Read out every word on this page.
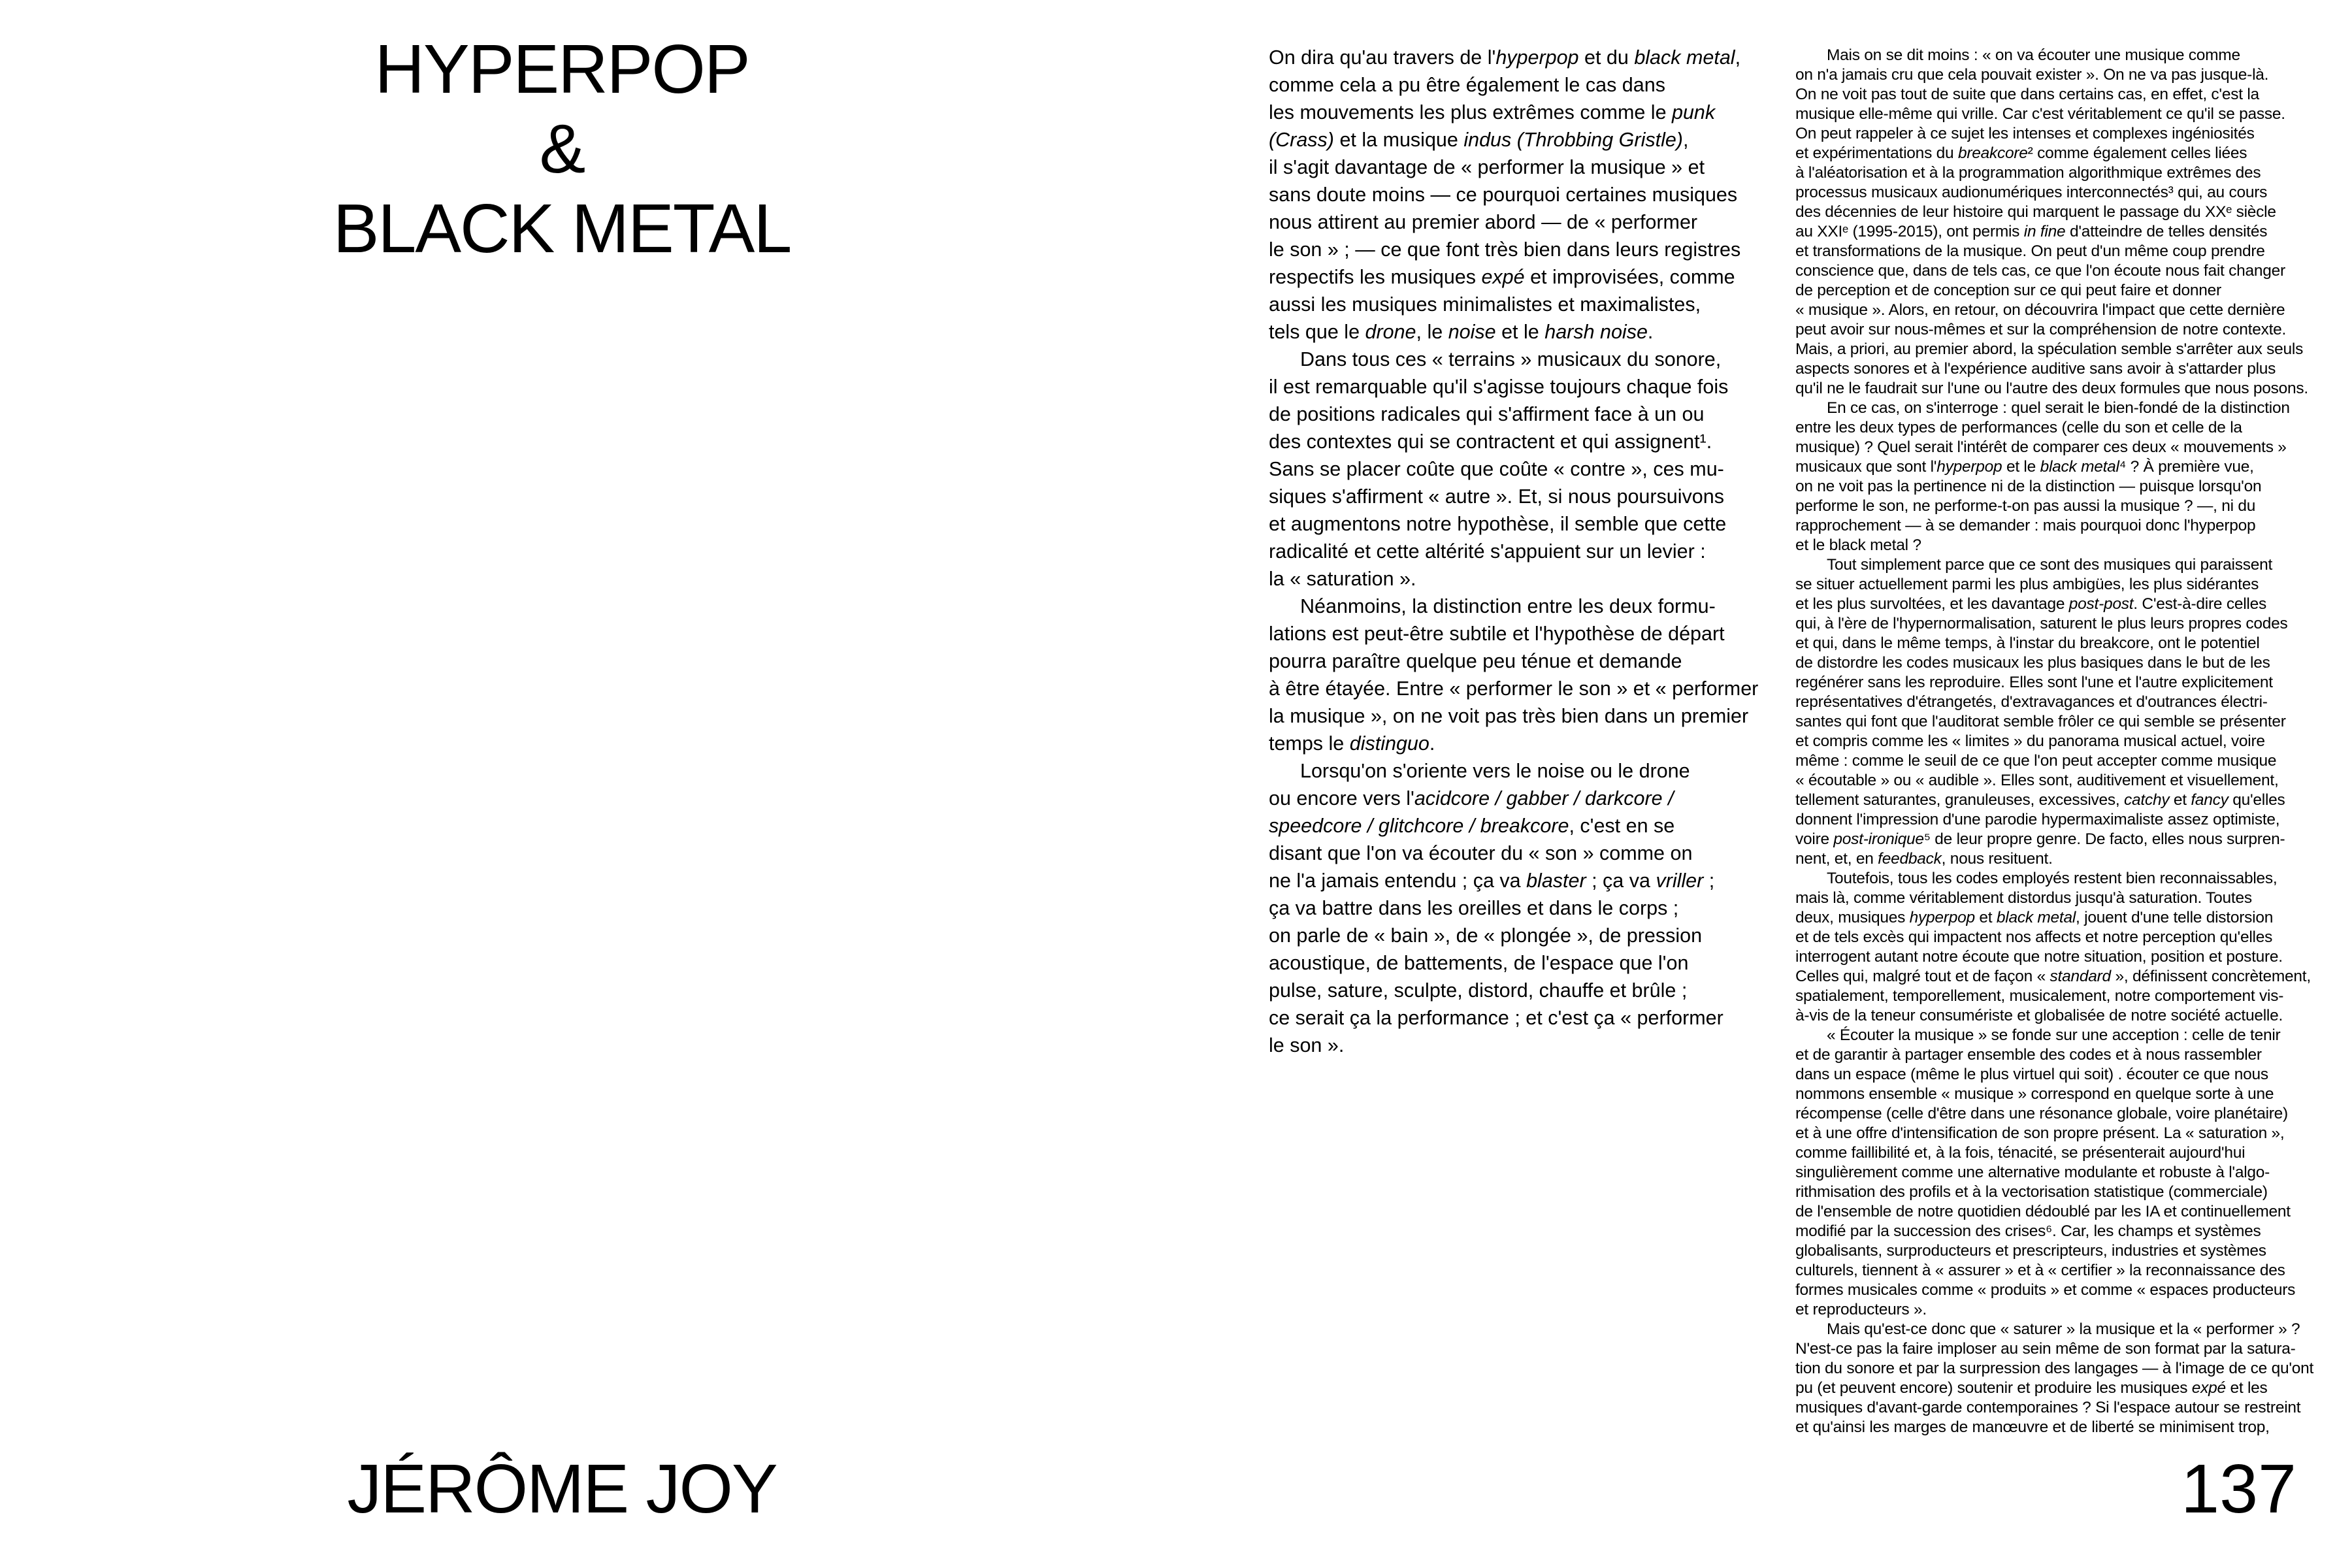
HYPERPOP
&
BLACK METAL
On dira qu'au travers de l'hyperpop et du black metal,
comme cela a pu être également le cas dans
les mouvements les plus extrêmes comme le punk
(Crass) et la musique indus (Throbbing Gristle),
il s'agit davantage de « performer la musique » et
sans doute moins — ce pourquoi certaines musiques
nous attirent au premier abord — de « performer
le son » ; — ce que font très bien dans leurs registres
respectifs les musiques expé et improvisées, comme
aussi les musiques minimalistes et maximalistes,
tels que le drone, le noise et le harsh noise.
Dans tous ces « terrains » musicaux du sonore,
il est remarquable qu'il s'agisse toujours chaque fois
de positions radicales qui s'affirment face à un ou
des contextes qui se contractent et qui assignent¹.
Sans se placer coûte que coûte « contre », ces mu-
siques s'affirment « autre ». Et, si nous poursuivons
et augmentons notre hypothèse, il semble que cette
radicalité et cette altérité s'appuient sur un levier :
la « saturation ».
Néanmoins, la distinction entre les deux formu-
lations est peut-être subtile et l'hypothèse de départ
pourra paraître quelque peu ténue et demande
à être étayée. Entre « performer le son » et « performer
la musique », on ne voit pas très bien dans un premier
temps le distinguo.
Lorsqu'on s'oriente vers le noise ou le drone
ou encore vers l'acidcore / gabber / darkcore /
speedcore / glitchcore / breakcore, c'est en se
disant que l'on va écouter du « son » comme on
ne l'a jamais entendu ; ça va blaster ; ça va vriller ;
ça va battre dans les oreilles et dans le corps ;
on parle de « bain », de « plongée », de pression
acoustique, de battements, de l'espace que l'on
pulse, sature, sculpte, distord, chauffe et brûle ;
ce serait ça la performance ; et c'est ça « performer
le son ».
Mais on se dit moins : « on va écouter une musique comme
on n'a jamais cru que cela pouvait exister ». On ne va pas jusque-là.
On ne voit pas tout de suite que dans certains cas, en effet, c'est la
musique elle-même qui vrille. Car c'est véritablement ce qu'il se passe.
On peut rappeler à ce sujet les intenses et complexes ingéniosités
et expérimentations du breakcore² comme également celles liées
à l'aléatorisation et à la programmation algorithmique extrêmes des
processus musicaux audionumériques interconnectés³ qui, au cours
des décennies de leur histoire qui marquent le passage du XXᵉ siècle
au XXIᵉ (1995-2015), ont permis in fine d'atteindre de telles densités
et transformations de la musique. On peut d'un même coup prendre
conscience que, dans de tels cas, ce que l'on écoute nous fait changer
de perception et de conception sur ce qui peut faire et donner
« musique ». Alors, en retour, on découvrira l'impact que cette dernière
peut avoir sur nous-mêmes et sur la compréhension de notre contexte.
Mais, a priori, au premier abord, la spéculation semble s'arrêter aux seuls
aspects sonores et à l'expérience auditive sans avoir à s'attarder plus
qu'il ne le faudrait sur l'une ou l'autre des deux formules que nous posons.
En ce cas, on s'interroge : quel serait le bien-fondé de la distinction
entre les deux types de performances (celle du son et celle de la
musique) ? Quel serait l'intérêt de comparer ces deux « mouvements »
musicaux que sont l'hyperpop et le black metal⁴ ? À première vue,
on ne voit pas la pertinence ni de la distinction — puisque lorsqu'on
performe le son, ne performe-t-on pas aussi la musique ? —, ni du
rapprochement — à se demander : mais pourquoi donc l'hyperpop
et le black metal ?
Tout simplement parce que ce sont des musiques qui paraissent
se situer actuellement parmi les plus ambigües, les plus sidérantes
et les plus survoltées, et les davantage post-post. C'est-à-dire celles
qui, à l'ère de l'hypernormalisation, saturent le plus leurs propres codes
et qui, dans le même temps, à l'instar du breakcore, ont le potentiel
de distordre les codes musicaux les plus basiques dans le but de les
regénérer sans les reproduire. Elles sont l'une et l'autre explicitement
représentatives d'étrangetés, d'extravagances et d'outrances électri-
santes qui font que l'auditorat semble frôler ce qui semble se présenter
et compris comme les « limites » du panorama musical actuel, voire
même : comme le seuil de ce que l'on peut accepter comme musique
« écoutable » ou « audible ». Elles sont, auditivement et visuellement,
tellement saturantes, granuleuses, excessives, catchy et fancy qu'elles
donnent l'impression d'une parodie hypermaximaliste assez optimiste,
voire post-ironique⁵ de leur propre genre. De facto, elles nous surpren-
nent, et, en feedback, nous resituent.
Toutefois, tous les codes employés restent bien reconnaissables,
mais là, comme véritablement distordus jusqu'à saturation. Toutes
deux, musiques hyperpop et black metal, jouent d'une telle distorsion
et de tels excès qui impactent nos affects et notre perception qu'elles
interrogent autant notre écoute que notre situation, position et posture.
Celles qui, malgré tout et de façon « standard », définissent concrètement,
spatialement, temporellement, musicalement, notre comportement vis-
à-vis de la teneur consumériste et globalisée de notre société actuelle.
« Écouter la musique » se fonde sur une acception : celle de tenir
et de garantir à partager ensemble des codes et à nous rassembler
dans un espace (même le plus virtuel qui soit) . écouter ce que nous
nommons ensemble « musique » correspond en quelque sorte à une
récompense (celle d'être dans une résonance globale, voire planétaire)
et à une offre d'intensification de son propre présent. La « saturation »,
comme faillibilité et, à la fois, ténacité, se présenterait aujourd'hui
singulièrement comme une alternative modulante et robuste à l'algo-
rithmisation des profils et à la vectorisation statistique (commerciale)
de l'ensemble de notre quotidien dédoublé par les IA et continuellement
modifié par la succession des crises⁶. Car, les champs et systèmes
globalisants, surproducteurs et prescripteurs, industries et systèmes
culturels, tiennent à « assurer » et à « certifier » la reconnaissance des
formes musicales comme « produits » et comme « espaces producteurs
et reproducteurs ».
Mais qu'est-ce donc que « saturer » la musique et la « performer » ?
N'est-ce pas la faire imploser au sein même de son format par la satura-
tion du sonore et par la surpression des langages — à l'image de ce qu'ont
pu (et peuvent encore) soutenir et produire les musiques expé et les
musiques d'avant-garde contemporaines ? Si l'espace autour se restreint
et qu'ainsi les marges de manœuvre et de liberté se minimisent trop,
JÉRÔME JOY	137
